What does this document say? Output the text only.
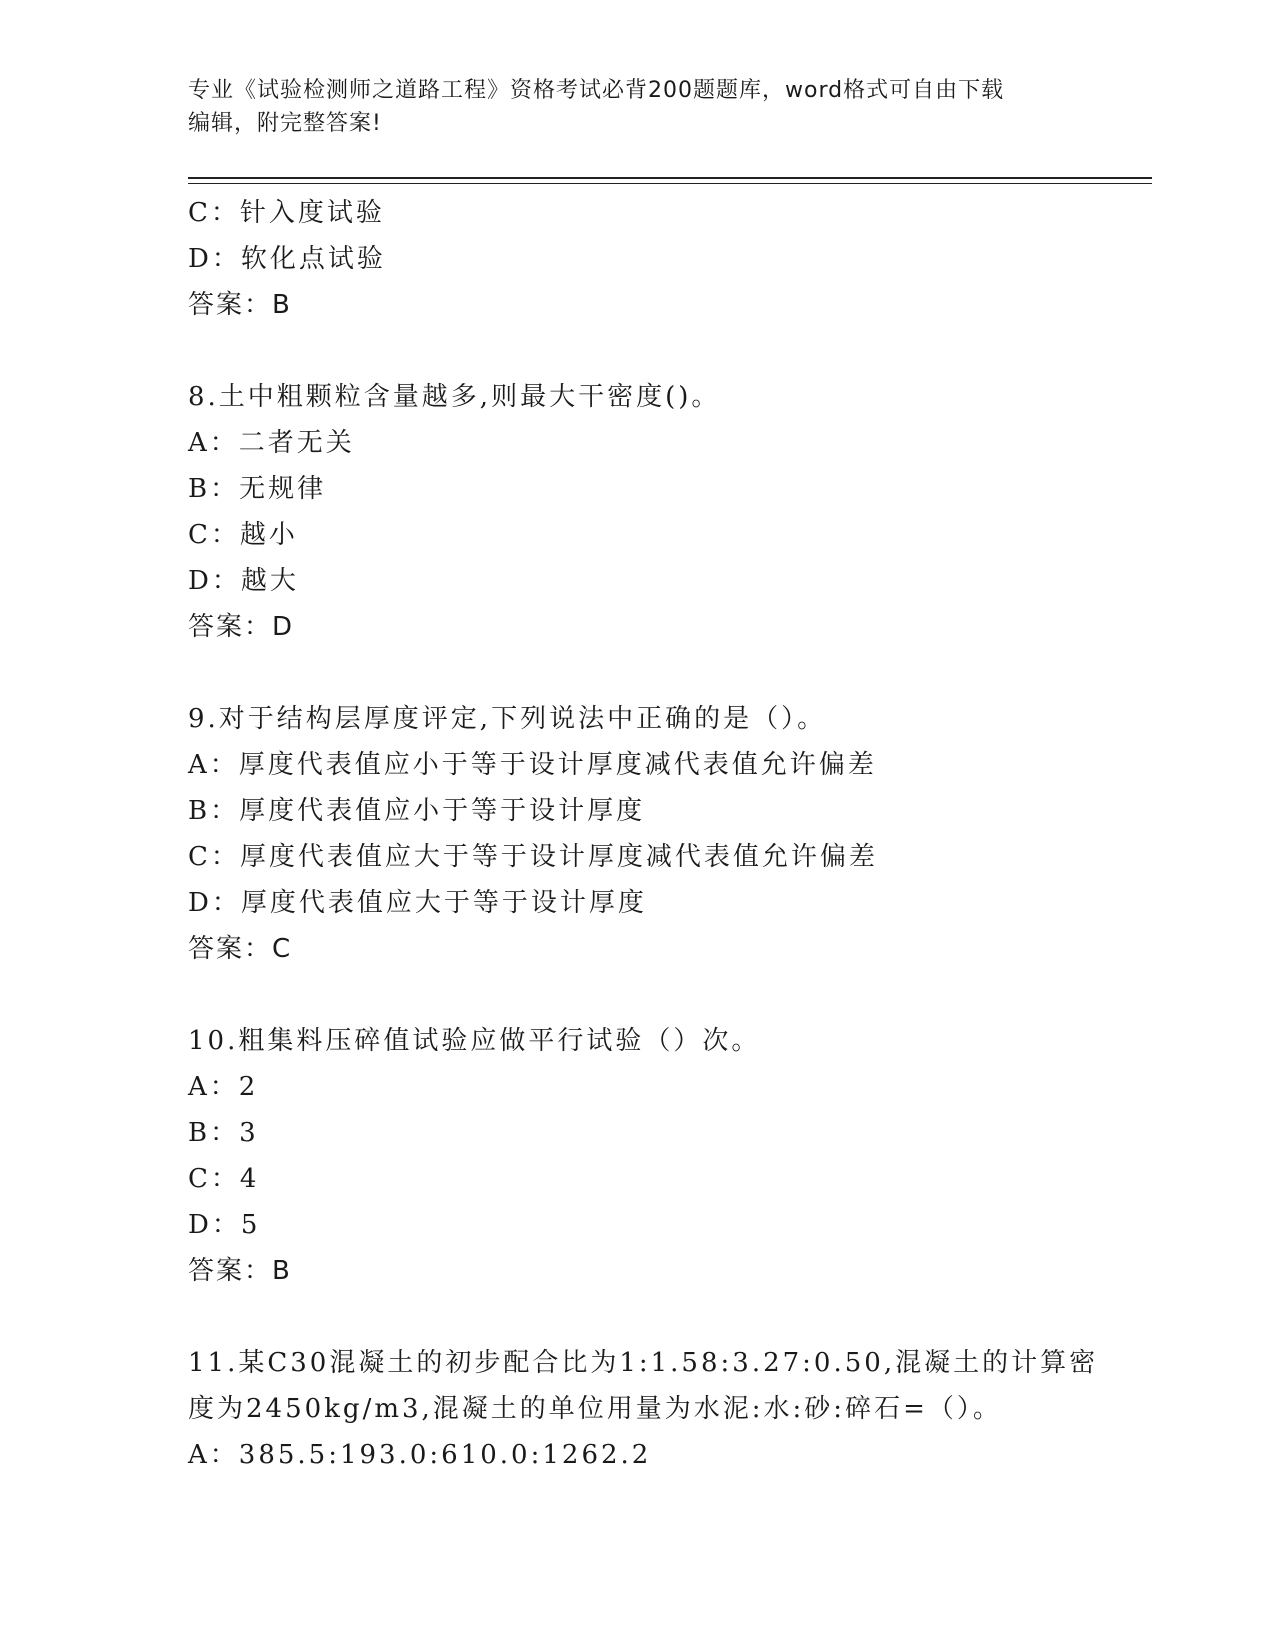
专业《试验检测师之道路工程》资格考试必背200题题库，word格式可自由下载
编辑，附完整答案!
C：针入度试验
D：软化点试验
答案：B
8.土中粗颗粒含量越多,则最大干密度()。
A：二者无关
B：无规律
C：越小
D：越大
答案：D
9.对于结构层厚度评定,下列说法中正确的是（）。
A：厚度代表值应小于等于设计厚度减代表值允许偏差
B：厚度代表值应小于等于设计厚度
C：厚度代表值应大于等于设计厚度减代表值允许偏差
D：厚度代表值应大于等于设计厚度
答案：C
10.粗集料压碎值试验应做平行试验（）次。
A：2
B：3
C：4
D：5
答案：B
11.某C30混凝土的初步配合比为1:1.58:3.27:0.50,混凝土的计算密
度为2450kg/m3,混凝土的单位用量为水泥:水:砂:碎石=（）。
A：385.5:193.0:610.0:1262.2
